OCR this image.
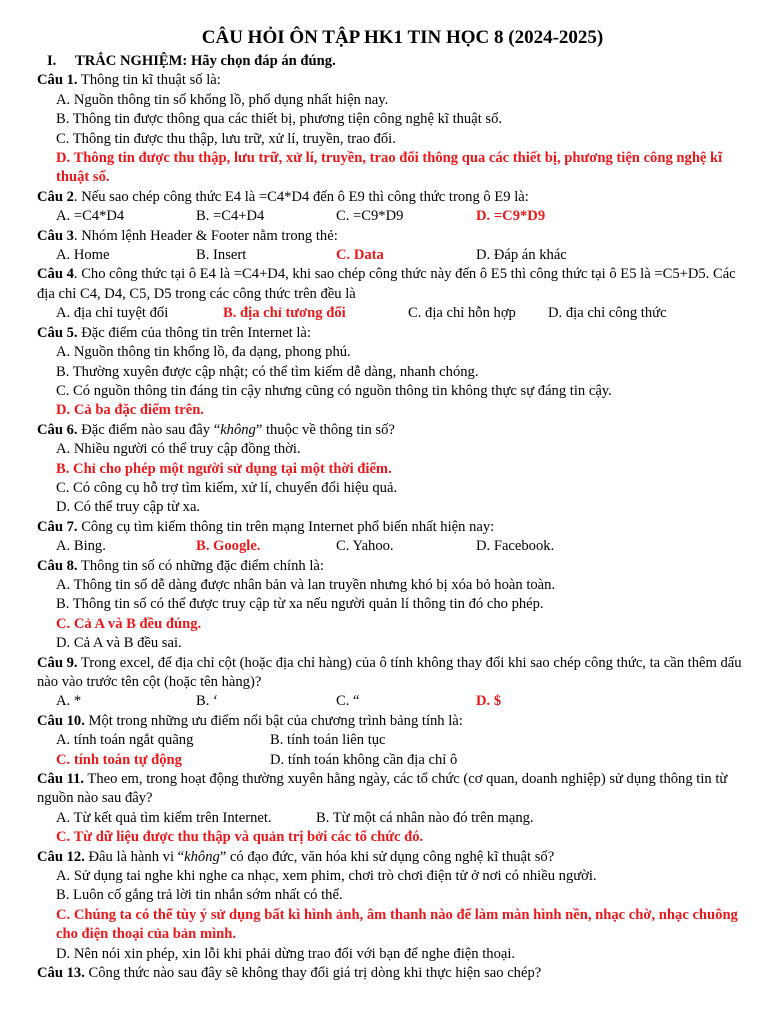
CÂU HỎI ÔN TẬP HK1 TIN HỌC 8 (2024-2025)
I. TRẮC NGHIỆM: Hãy chọn đáp án đúng.
Câu 1. Thông tin kĩ thuật số là:
A. Nguồn thông tin số khổng lồ, phổ dụng nhất hiện nay.
B. Thông tin được thông qua các thiết bị, phương tiện công nghệ kĩ thuật số.
C. Thông tin được thu thập, lưu trữ, xử lí, truyền, trao đổi.
D. Thông tin được thu thập, lưu trữ, xử lí, truyền, trao đổi thông qua các thiết bị, phương tiện công nghệ kĩ thuật số.
Câu 2. Nếu sao chép công thức E4 là =C4*D4 đến ô E9 thì công thức trong ô E9 là:
A. =C4*D4	B. =C4+D4	C. =C9*D9	D. =C9*D9
Câu 3. Nhóm lệnh Header & Footer nằm trong thẻ:
A. Home	B. Insert	C. Data	D. Đáp án khác
Câu 4. Cho công thức tại ô E4 là =C4+D4, khi sao chép công thức này đến ô E5 thì công thức tại ô E5 là =C5+D5. Các địa chỉ C4, D4, C5, D5 trong các công thức trên đều là
A. địa chỉ tuyệt đối	B. địa chỉ tương đối	C. địa chỉ hỗn hợp	D. địa chỉ công thức
Câu 5. Đặc điểm của thông tin trên Internet là:
A. Nguồn thông tin khổng lồ, đa dạng, phong phú.
B. Thường xuyên được cập nhật; có thể tìm kiếm dễ dàng, nhanh chóng.
C. Có nguồn thông tin đáng tin cậy nhưng cũng có nguồn thông tin không thực sự đáng tin cậy.
D. Cả ba đặc điểm trên.
Câu 6. Đặc điểm nào sau đây “không” thuộc về thông tin số?
A. Nhiều người có thể truy cập đồng thời.
B. Chỉ cho phép một người sử dụng tại một thời điểm.
C. Có công cụ hỗ trợ tìm kiếm, xử lí, chuyển đổi hiệu quả.
D. Có thể truy cập từ xa.
Câu 7. Công cụ tìm kiếm thông tin trên mạng Internet phổ biến nhất hiện nay:
A. Bing.	B. Google.	C. Yahoo.	D. Facebook.
Câu 8. Thông tin số có những đặc điểm chính là:
A. Thông tin số dễ dàng được nhân bản và lan truyền nhưng khó bị xóa bỏ hoàn toàn.
B. Thông tin số có thể được truy cập từ xa nếu người quản lí thông tin đó cho phép.
C. Cả A và B đều đúng.
D. Cả A và B đều sai.
Câu 9. Trong excel, để địa chỉ cột (hoặc địa chỉ hàng) của ô tính không thay đổi khi sao chép công thức, ta cần thêm dấu nào vào trước tên cột (hoặc tên hàng)?
A. *	B. ‘	C. “	D. $
Câu 10. Một trong những ưu điểm nổi bật của chương trình bảng tính là:
A. tính toán ngắt quãng	B. tính toán liên tục
C. tính toán tự động	D. tính toán không cần địa chỉ ô
Câu 11. Theo em, trong hoạt động thường xuyên hằng ngày, các tổ chức (cơ quan, doanh nghiệp) sử dụng thông tin từ nguồn nào sau đây?
A. Từ kết quả tìm kiếm trên Internet.	B. Từ một cá nhân nào đó trên mạng.
C. Từ dữ liệu được thu thập và quản trị bởi các tổ chức đó.
Câu 12. Đâu là hành vi “không” có đạo đức, văn hóa khi sử dụng công nghệ kĩ thuật số?
A. Sử dụng tai nghe khi nghe ca nhạc, xem phim, chơi trò chơi điện tử ở nơi có nhiều người.
B. Luôn cố gắng trả lời tin nhắn sớm nhất có thể.
C. Chúng ta có thể tùy ý sử dụng bất kì hình ảnh, âm thanh nào để làm màn hình nền, nhạc chờ, nhạc chuông cho điện thoại của bản mình.
D. Nên nói xin phép, xin lỗi khi phải dừng trao đổi với bạn để nghe điện thoại.
Câu 13. Công thức nào sau đây sẽ không thay đổi giá trị dòng khi thực hiện sao chép?
